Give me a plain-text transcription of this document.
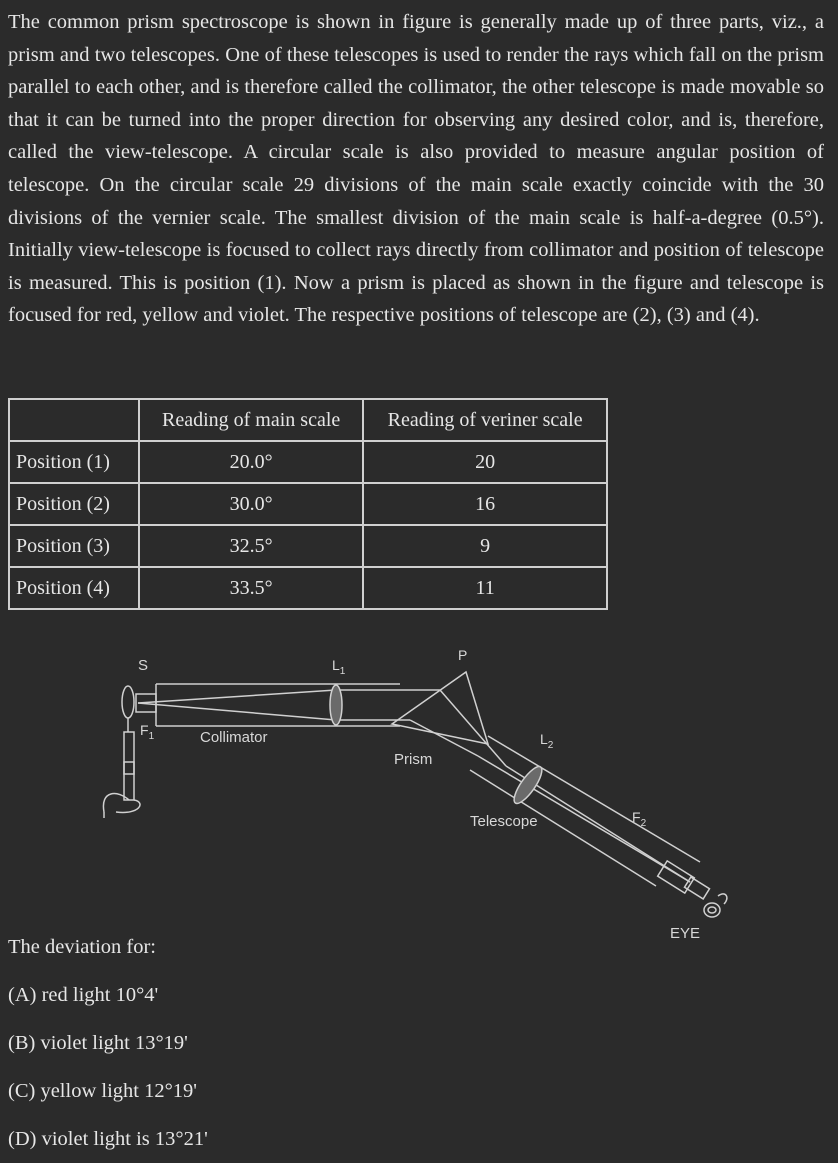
The common prism spectroscope is shown in figure is generally made up of three parts, viz., a prism and two telescopes. One of these telescopes is used to render the rays which fall on the prism parallel to each other, and is therefore called the collimator, the other telescope is made movable so that it can be turned into the proper direction for observing any desired color, and is, therefore, called the view-telescope. A circular scale is also provided to measure angular position of telescope. On the circular scale 29 divisions of the main scale exactly coincide with the 30 divisions of the vernier scale. The smallest division of the main scale is half-a-degree (0.5°). Initially view-telescope is focused to collect rays directly from collimator and position of telescope is measured. This is position (1). Now a prism is placed as shown in the figure and telescope is focused for red, yellow and violet. The respective positions of telescope are (2), (3) and (4).

	Reading of main scale	Reading of veriner scale
Position (1)	20.0°	20
Position (2)	30.0°	16
Position (3)	32.5°	9
Position (4)	33.5°	11
S	$L_1$
P
$F_1$	Collimator
Prism
$L_2$
Telescope	$F_2$
EYE
The deviation for:
(A) red light 10°4'
(B) violet light 13°19'
(C) yellow light 12°19'
(D) violet light is 13°21'
